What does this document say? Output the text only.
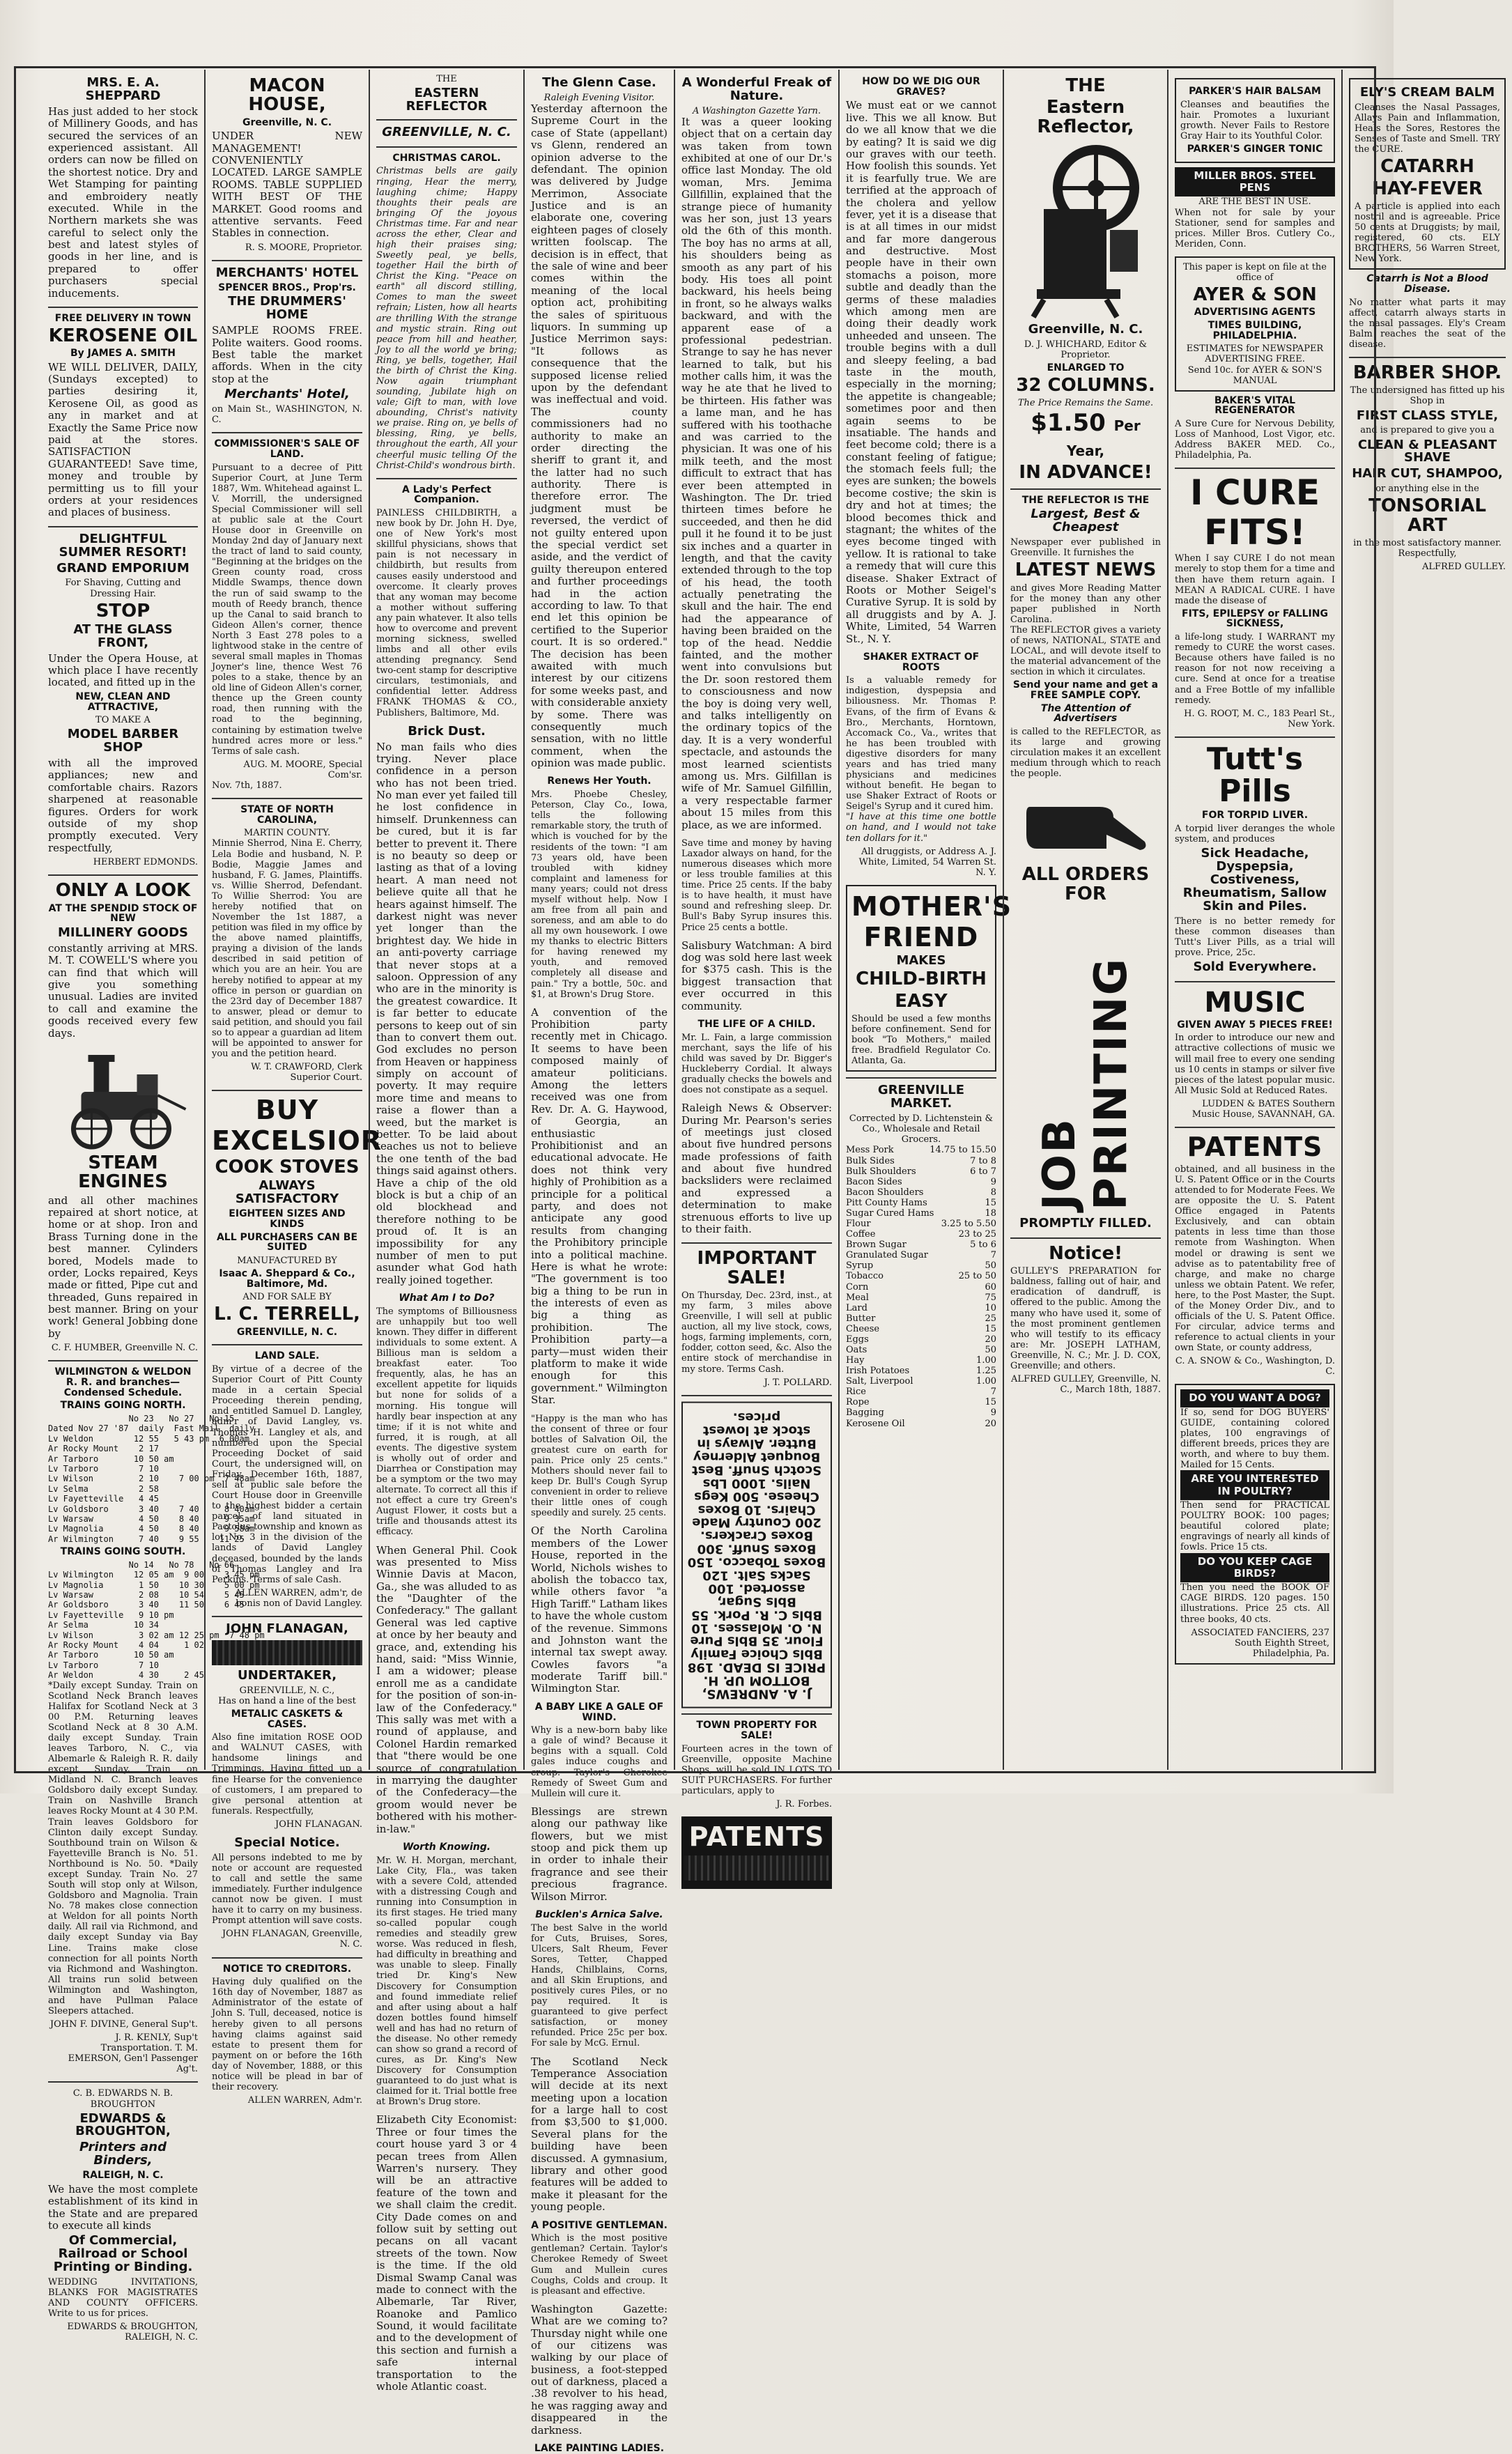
MRS. E. A. SHEPPARD
Has just added to her stock of Millinery Goods, and has secured the services of an experienced assistant. All orders can now be filled on the shortest notice. Dry and Wet Stamping for painting and embroidery neatly executed. While in the Northern markets she was careful to select only the best and latest styles of goods in her line, and is prepared to offer purchasers special inducements.
FREE DELIVERY IN TOWN
KEROSENE OIL
By JAMES A. SMITH
WE WILL DELIVER, DAILY, (Sundays excepted) to parties desiring it, Kerosene Oil, as good as any in market and at Exactly the Same Price now paid at the stores. SATISFACTION GUARANTEED! Save time, money and trouble by permitting us to fill your orders at your residences and places of business.
DELIGHTFUL SUMMER RESORT!
GRAND EMPORIUM
For Shaving, Cutting and Dressing Hair.
STOP
AT THE GLASS FRONT,
Under the Opera House, at which place I have recently located, and fitted up in the
NEW, CLEAN AND ATTRACTIVE,
TO MAKE A
MODEL BARBER SHOP
with all the improved appliances; new and comfortable chairs. Razors sharpened at reasonable figures. Orders for work outside of my shop promptly executed. Very respectfully,
HERBERT EDMONDS.
ONLY A LOOK
AT THE SPENDID STOCK OF NEW
MILLINERY GOODS
constantly arriving at MRS. M. T. COWELL'S where you can find that which will give you something unusual. Ladies are invited to call and examine the goods received every few days.
STEAM ENGINES
and all other machines repaired at short notice, at home or at shop. Iron and Brass Turning done in the best manner. Cylinders bored, Models made to order, Locks repaired, Keys made or fitted, Pipe cut and threaded, Guns repaired in best manner. Bring on your work! General Jobbing done by
C. F. HUMBER, Greenville N. C.
WILMINGTON & WELDON R. R. and branches—Condensed Schedule.
TRAINS GOING NORTH.
No 23   No 27   No 15
Dated Nov 27 '87  daily  Fast Mail  daily
Lv Weldon        12 55   5 43 pm  6 00am
Ar Rocky Mount    2 17
Ar Tarboro       10 50 am
Lv Tarboro        7 10
Lv Wilson         2 10    7 00 pm  7 48am
Lv Selma          2 58
Lv Fayetteville   4 45
Lv Goldsboro      3 40    7 40     8 40am
Lv Warsaw         4 50    8 40     9 35am
Lv Magnolia       4 50    8 40     9 58am
Ar Wilmington     7 40    9 55    11 25
TRAINS GOING SOUTH.
No 14   No 78   No 66
Lv Wilmington    12 05 am  9 00    3 45 pm
Lv Magnolia       1 50    10 30    5 00 pm
Lv Warsaw         2 08    10 54    5 45
Ar Goldsboro      3 40    11 50    6 45
Lv Fayetteville   9 10 pm
Ar Selma         10 34
Lv Wilson         3 02 am 12 25 pm  7 48 pm
Ar Rocky Mount    4 04     1 02
Ar Tarboro       10 50 am
Lv Tarboro        7 10
Ar Weldon         4 30     2 45
*Daily except Sunday. Train on Scotland Neck Branch leaves Halifax for Scotland Neck at 3 00 P.M. Returning leaves Scotland Neck at 8 30 A.M. daily except Sunday. Train leaves Tarboro, N. C., via Albemarle & Raleigh R. R. daily except Sunday. Train on Midland N. C. Branch leaves Goldsboro daily except Sunday. Train on Nashville Branch leaves Rocky Mount at 4 30 P.M. Train leaves Goldsboro for Clinton daily except Sunday. Southbound train on Wilson & Fayetteville Branch is No. 51. Northbound is No. 50. *Daily except Sunday. Train No. 27 South will stop only at Wilson, Goldsboro and Magnolia. Train No. 78 makes close connection at Weldon for all points North daily. All rail via Richmond, and daily except Sunday via Bay Line. Trains make close connection for all points North via Richmond and Washington. All trains run solid between Wilmington and Washington, and have Pullman Palace Sleepers attached.
JOHN F. DIVINE, General Sup't.
J. R. KENLY, Sup't Transportation. T. M. EMERSON, Gen'l Passenger Ag't.
C. B. EDWARDS N. B. BROUGHTON
EDWARDS & BROUGHTON,
Printers and Binders,
RALEIGH, N. C.
We have the most complete establishment of its kind in the State and are prepared to execute all kinds
Of Commercial, Railroad or School Printing or Binding.
WEDDING INVITATIONS, BLANKS FOR MAGISTRATES AND COUNTY OFFICERS. Write to us for prices.
EDWARDS & BROUGHTON, RALEIGH, N. C.
MACON HOUSE,
Greenville, N. C.
UNDER NEW MANAGEMENT! CONVENIENTLY LOCATED. LARGE SAMPLE ROOMS. TABLE SUPPLIED WITH BEST OF THE MARKET. Good rooms and attentive servants. Feed Stables in connection.
R. S. MOORE, Proprietor.
MERCHANTS' HOTEL
SPENCER BROS., Prop'rs.
THE DRUMMERS' HOME
SAMPLE ROOMS FREE. Polite waiters. Good rooms. Best table the market affords. When in the city stop at the
Merchants' Hotel,
on Main St., WASHINGTON, N. C.
COMMISSIONER'S SALE OF LAND.
Pursuant to a decree of Pitt Superior Court, at June Term 1887, Wm. Whitehead against L. V. Morrill, the undersigned Special Commissioner will sell at public sale at the Court House door in Greenville on Monday 2nd day of January next the tract of land to said county, "Beginning at the bridges on the Green county road, cross Middle Swamps, thence down the run of said swamp to the mouth of Reedy branch, thence up the Canal to said branch to Gideon Allen's corner, thence North 3 East 278 poles to a lightwood stake in the centre of several small maples in Thomas Joyner's line, thence West 76 poles to a stake, thence by an old line of Gideon Allen's corner, thence up the Green county road, then running with the road to the beginning, containing by estimation twelve hundred acres more or less." Terms of sale cash.
AUG. M. MOORE, Special Com'sr.
Nov. 7th, 1887.
STATE OF NORTH CAROLINA,
MARTIN COUNTY.
Minnie Sherrod, Nina E. Cherry, Lela Bodie and husband, N. P. Bodie, Maggie James and husband, F. G. James, Plaintiffs. vs. Willie Sherrod, Defendant. To Willie Sherrod: You are hereby notified that on November the 1st 1887, a petition was filed in my office by the above named plaintiffs, praying a division of the lands described in said petition of which you are an heir. You are hereby notified to appear at my office in person or guardian on the 23rd day of December 1887 to answer, plead or demur to said petition, and should you fail so to appear a guardian ad litem will be appointed to answer for you and the petition heard.
W. T. CRAWFORD, Clerk Superior Court.
BUY
EXCELSIOR
COOK STOVES
ALWAYS SATISFACTORY
EIGHTEEN SIZES AND KINDS
ALL PURCHASERS CAN BE SUITED
MANUFACTURED BY
Isaac A. Sheppard & Co., Baltimore, Md.
AND FOR SALE BY
L. C. TERRELL,
GREENVILLE, N. C.
LAND SALE.
By virtue of a decree of the Superior Court of Pitt County made in a certain Special Proceeding therein pending, and entitled Samuel D. Langley, adm'r of David Langley, vs. Thomas H. Langley et als, and numbered upon the Special Proceeding Docket of said Court, the undersigned will, on Friday, December 16th, 1887, sell at public sale before the Court House door in Greenville to the highest bidder a certain parcel of land situated in Pactolus township and known as lot No. 3 in the division of the lands of David Langley deceased, bounded by the lands of Thomas Langley and Ira Perkins. Terms of sale Cash.
ALLEN WARREN, adm'r, de bonis non of David Langley.
JOHN FLANAGAN,
UNDERTAKER,
GREENVILLE, N. C.,
Has on hand a line of the best
METALIC CASKETS & CASES.
Also fine imitation ROSE OOD and WALNUT CASES, with handsome linings and Trimmings. Having fitted up a fine Hearse for the convenience of customers, I am prepared to give personal attention at funerals. Respectfully,
JOHN FLANAGAN.
Special Notice.
All persons indebted to me by note or account are requested to call and settle the same immediately. Further indulgence cannot now be given. I must have it to carry on my business. Prompt attention will save costs.
JOHN FLANAGAN, Greenville, N. C.
NOTICE TO CREDITORS.
Having duly qualified on the 16th day of November, 1887 as Administrator of the estate of John S. Tull, deceased, notice is hereby given to all persons having claims against said estate to present them for payment on or before the 16th day of November, 1888, or this notice will be plead in bar of their recovery.
ALLEN WARREN, Adm'r.
THE
EASTERN REFLECTOR
GREENVILLE, N. C.
CHRISTMAS CAROL.
Christmas bells are gaily ringing, Hear the merry, laughing chime; Happy thoughts their peals are bringing Of the joyous Christmas time. Far and near across the ether, Clear and high their praises sing; Sweetly peal, ye bells, together Hail the birth of Christ the King. "Peace on earth" all discord stilling, Comes to man the sweet refrain; Listen, how all hearts are thrilling With the strange and mystic strain. Ring out peace from hill and heather, Joy to all the world ye bring; Ring, ye bells, together, Hail the birth of Christ the King. Now again triumphant sounding, Jubilate high on vale; Gift to man, with love abounding, Christ's nativity we praise. Ring on, ye bells of blessing, Ring, ye bells, throughout the earth, All your cheerful music telling Of the Christ-Child's wondrous birth.
A Lady's Perfect Companion.
PAINLESS CHILDBIRTH, a new book by Dr. John H. Dye, one of New York's most skillful physicians, shows that pain is not necessary in childbirth, but results from causes easily understood and overcome. It clearly proves that any woman may become a mother without suffering any pain whatever. It also tells how to overcome and prevent morning sickness, swelled limbs and all other evils attending pregnancy. Send two-cent stamp for descriptive circulars, testimonials, and confidential letter. Address FRANK THOMAS & CO., Publishers, Baltimore, Md.
Brick Dust.
No man fails who dies trying. Never place confidence in a person who has not been tried. No man ever yet failed till he lost confidence in himself. Drunkenness can be cured, but it is far better to prevent it. There is no beauty so deep or lasting as that of a loving heart. A man need not believe quite all that he hears against himself. The darkest night was never yet longer than the brightest day. We hide in an anti-poverty carriage that never stops at a saloon. Oppression of any who are in the minority is the greatest cowardice. It is far better to educate persons to keep out of sin than to convert them out. God excludes no person from Heaven or happiness simply on account of poverty. It may require more time and means to raise a flower than a weed, but the market is better. To be laid about teaches us not to believe the one tenth of the bad things said against others. Have a chip of the old block is but a chip of an old blockhead and therefore nothing to be proud of. It is an impossibility for any number of men to put asunder what God hath really joined together.
What Am I to Do?
The symptoms of Billiousness are unhappily but too well known. They differ in different individuals to some extent. A Billious man is seldom a breakfast eater. Too frequently, alas, he has an excellent appetite for liquids but none for solids of a morning. His tongue will hardly bear inspection at any time; if it is not white and furred, it is rough, at all events. The digestive system is wholly out of order and Diarrhea or Constipation may be a symptom or the two may alternate. To correct all this if not effect a cure try Green's August Flower, it costs but a trifle and thousands attest its efficacy.
When General Phil. Cook was presented to Miss Winnie Davis at Macon, Ga., she was alluded to as the "Daughter of the Confederacy." The gallant General was led captive at once by her beauty and grace, and, extending his hand, said: "Miss Winnie, I am a widower; please enroll me as a candidate for the position of son-in-law of the Confederacy." This sally was met with a round of applause, and Colonel Hardin remarked that "there would be one source of congratulation in marrying the daughter of the Confederacy—the groom would never be bothered with his mother-in-law."
Worth Knowing.
Mr. W. H. Morgan, merchant, Lake City, Fla., was taken with a severe Cold, attended with a distressing Cough and running into Consumption in its first stages. He tried many so-called popular cough remedies and steadily grew worse. Was reduced in flesh, had difficulty in breathing and was unable to sleep. Finally tried Dr. King's New Discovery for Consumption and found immediate relief and after using about a half dozen bottles found himself well and has had no return of the disease. No other remedy can show so grand a record of cures, as Dr. King's New Discovery for Consumption guaranteed to do just what is claimed for it. Trial bottle free at Brown's Drug store.
Elizabeth City Economist: Three or four times the court house yard 3 or 4 pecan trees from Allen Warren's nursery. They will be an attractive feature of the town and we shall claim the credit. City Dade comes on and follow suit by setting out pecans on all vacant streets of the town. Now is the time. If the old Dismal Swamp Canal was made to connect with the Albemarle, Tar River, Roanoke and Pamlico Sound, it would facilitate and to the development of this section and furnish a safe internal transportation to the whole Atlantic coast.
The Glenn Case.
Raleigh Evening Visitor.
Yesterday afternoon the Supreme Court in the case of State (appellant) vs Glenn, rendered an opinion adverse to the defendant. The opinion was delivered by Judge Merrimon, Associate Justice and is an elaborate one, covering eighteen pages of closely written foolscap. The decision is in effect, that the sale of wine and beer comes within the meaning of the local option act, prohibiting the sales of spirituous liquors. In summing up Justice Merrimon says: "It follows as consequence that the supposed license relied upon by the defendant was ineffectual and void. The county commissioners had no authority to make an order directing the sheriff to grant it, and the latter had no such authority. There is therefore error. The judgment must be reversed, the verdict of not guilty entered upon the special verdict set aside, and the verdict of guilty thereupon entered and further proceedings had in the action according to law. To that end let this opinion be certified to the Superior court. It is so ordered." The decision has been awaited with much interest by our citizens for some weeks past, and with considerable anxiety by some. There was consequently much sensation, with no little comment, when the opinion was made public.
Renews Her Youth.
Mrs. Phoebe Chesley, Peterson, Clay Co., Iowa, tells the following remarkable story, the truth of which is vouched for by the residents of the town: "I am 73 years old, have been troubled with kidney complaint and lameness for many years; could not dress myself without help. Now I am free from all pain and soreness, and am able to do all my own housework. I owe my thanks to electric Bitters for having renewed my youth, and removed completely all disease and pain." Try a bottle, 50c. and $1, at Brown's Drug Store.
A convention of the Prohibition party recently met in Chicago. It seems to have been composed mainly of amateur politicians. Among the letters received was one from Rev. Dr. A. G. Haywood, of Georgia, an enthusiastic Prohibitionist and an educational advocate. He does not think very highly of Prohibition as a principle for a political party, and does not anticipate any good results from changing the Prohibitory principle into a political machine. Here is what he wrote: "The government is too big a thing to be run in the interests of even as big a thing as prohibition. The Prohibition party—a party—must widen their platform to make it wide enough for this government." Wilmington Star.
"Happy is the man who has the consent of three or four bottles of Salvation Oil, the greatest cure on earth for pain. Price only 25 cents." Mothers should never fail to keep Dr. Bull's Cough Syrup convenient in order to relieve their little ones of cough speedily and surely. 25 cents.
Of the North Carolina members of the Lower House, reported in the World, Nichols wishes to abolish the tobacco tax, while others favor "a High Tariff." Latham likes to have the whole custom of the revenue. Simmons and Johnston want the internal tax swept away. Cowles favors "a moderate Tariff bill." Wilmington Star.
A BABY LIKE A GALE OF WIND.
Why is a new-born baby like a gale of wind? Because it begins with a squall. Cold gales induce coughs and croup. Taylor's Cherokee Remedy of Sweet Gum and Mullein will cure it.
Blessings are strewn along our pathway like flowers, but we mist stoop and pick them up in order to inhale their fragrance and see their precious fragrance. Wilson Mirror.
Bucklen's Arnica Salve.
The best Salve in the world for Cuts, Bruises, Sores, Ulcers, Salt Rheum, Fever Sores, Tetter, Chapped Hands, Chilblains, Corns, and all Skin Eruptions, and positively cures Piles, or no pay required. It is guaranteed to give perfect satisfaction, or money refunded. Price 25c per box. For sale by McG. Ernul.
The Scotland Neck Temperance Association will decide at its next meeting upon a location for a large hall to cost from $3,500 to $1,000. Several plans for the building have been discussed. A gymnasium, library and other good features will be added to make it pleasant for the young people.
A POSITIVE GENTLEMAN.
Which is the most positive gentleman? Certain. Taylor's Cherokee Remedy of Sweet Gum and Mullein cures Coughs, Colds and croup. It is pleasant and effective.
Washington Gazette: What are we coming to? Thursday night while one of our citizens was walking by our place of business, a foot-stepped out of darkness, placed a .38 revolver to his head, he was ragging away and disappeared in the darkness.
LAKE PAINTING LADIES.
A Wonderful Freak of Nature.
A Washington Gazette Yarn.
It was a queer looking object that on a certain day was taken from town exhibited at one of our Dr.'s office last Monday. The old woman, Mrs. Jemima Gillfillin, explained that the strange piece of humanity was her son, just 13 years old the 6th of this month. The boy has no arms at all, his shoulders being as smooth as any part of his body. His toes all point backward, his heels being in front, so he always walks backward, and with the apparent ease of a professional pedestrian. Strange to say he has never learned to talk, but his mother calls him, it was the way he ate that he lived to be thirteen. His father was a lame man, and he has suffered with his toothache and was carried to the physician. It was one of his milk teeth, and the most difficult to extract that has ever been attempted in Washington. The Dr. tried thirteen times before he succeeded, and then he did pull it he found it to be just six inches and a quarter in length, and that the cavity extended through to the top of his head, the tooth actually penetrating the skull and the hair. The end had the appearance of having been braided on the top of the head. Neddie fainted, and the mother went into convulsions but the Dr. soon restored them to consciousness and now the boy is doing very well, and talks intelligently on the ordinary topics of the day. It is a very wonderful spectacle, and astounds the most learned scientists among us. Mrs. Gilfillan is wife of Mr. Samuel Gilfillin, a very respectable farmer about 15 miles from this place, as we are informed.
Save time and money by having Laxador always on hand, for the numerous diseases which more or less trouble families at this time. Price 25 cents. If the baby is to have health, it must have sound and refreshing sleep. Dr. Bull's Baby Syrup insures this. Price 25 cents a bottle.
Salisbury Watchman: A bird dog was sold here last week for $375 cash. This is the biggest transaction that ever occurred in this community.
THE LIFE OF A CHILD.
Mr. L. Fain, a large commission merchant, says the life of his child was saved by Dr. Bigger's Huckleberry Cordial. It always gradually checks the bowels and does not constipate as a sequel.
Raleigh News & Observer: During Mr. Pearson's series of meetings just closed about five hundred persons made professions of faith and about five hundred backsliders were reclaimed and expressed a determination to make strenuous efforts to live up to their faith.
IMPORTANT SALE!
On Thursday, Dec. 23rd, inst., at my farm, 3 miles above Greenville, I will sell at public auction, all my live stock, cows, hogs, farming implements, corn, fodder, cotton seed, &c. Also the entire stock of merchandise in my store. Terms Cash.
J. T. POLLARD.
J. A. ANDREWS, BOTTOM UP. H. PRICE IS DEAD. 198 Bbls Choice Family Flour. 35 Bbls Pure N. O. Molasses. 10 Bbls C. R. Pork. 55 Bbls Sugar, assorted. 100 Sacks Salt. 120 Boxes Tobacco. 150 Boxes Snuff. 300 Boxes Crackers. 200 Country Made Chairs. 10 Boxes Cheese. 500 Kegs Nails. 1000 Lbs Scotch Snuff. Best Bouquet Alderney Butter. Always in stock at lowest prices.
TOWN PROPERTY FOR SALE!
Fourteen acres in the town of Greenville, opposite Machine Shops, will be sold IN LOTS TO SUIT PURCHASERS. For further particulars, apply to
J. R. Forbes.
PATENTS
HOW DO WE DIG OUR GRAVES?
We must eat or we cannot live. This we all know. But do we all know that we die by eating? It is said we dig our graves with our teeth. How foolish this sounds. Yet it is fearfully true. We are terrified at the approach of the cholera and yellow fever, yet it is a disease that is at all times in our midst and far more dangerous and destructive. Most people have in their own stomachs a poison, more subtle and deadly than the germs of these maladies which among men are doing their deadly work unheeded and unseen. The trouble begins with a dull and sleepy feeling, a bad taste in the mouth, especially in the morning; the appetite is changeable; sometimes poor and then again seems to be insatiable. The hands and feet become cold; there is a constant feeling of fatigue; the stomach feels full; the eyes are sunken; the bowels become costive; the skin is dry and hot at times; the blood becomes thick and stagnant; the whites of the eyes become tinged with yellow. It is rational to take a remedy that will cure this disease. Shaker Extract of Roots or Mother Seigel's Curative Syrup. It is sold by all druggists and by A. J. White, Limited, 54 Warren St., N. Y.
SHAKER EXTRACT OF ROOTS
Is a valuable remedy for indigestion, dyspepsia and biliousness. Mr. Thomas P. Evans, of the firm of Evans & Bro., Merchants, Horntown, Accomack Co., Va., writes that he has been troubled with digestive disorders for many years and has tried many physicians and medicines without benefit. He began to use Shaker Extract of Roots or Seigel's Syrup and it cured him.
"I have at this time one bottle on hand, and I would not take ten dollars for it."
All druggists, or Address A. J. White, Limited, 54 Warren St. N. Y.
MOTHER'S
FRIEND
MAKES
CHILD-BIRTH
EASY
Should be used a few months before confinement. Send for book "To Mothers," mailed free. Bradfield Regulator Co. Atlanta, Ga.
GREENVILLE MARKET.
Corrected by D. Lichtenstein & Co., Wholesale and Retail Grocers.
Mess Pork	14.75 to 15.50
Bulk Sides	7 to 8
Bulk Shoulders	6 to 7
Bacon Sides	9
Bacon Shoulders	8
Pitt County Hams	15
Sugar Cured Hams	18
Flour	3.25 to 5.50
Coffee	23 to 25
Brown Sugar	5 to 6
Granulated Sugar	7
Syrup	50
Tobacco	25 to 50
Corn	60
Meal	75
Lard	10
Butter	25
Cheese	15
Eggs	20
Oats	50
Hay	1.00
Irish Potatoes	1.25
Salt, Liverpool	1.00
Rice	7
Rope	15
Bagging	9
Kerosene Oil	20
THE
Eastern Reflector,
Greenville, N. C.
D. J. WHICHARD, Editor & Proprietor.
ENLARGED TO
32 COLUMNS.
The Price Remains the Same.
$1.50 Per Year,
IN ADVANCE!
THE REFLECTOR IS THE
Largest, Best & Cheapest
Newspaper ever published in Greenville. It furnishes the
LATEST NEWS
and gives More Reading Matter for the money than any other paper published in North Carolina.
The REFLECTOR gives a variety of news, NATIONAL, STATE and LOCAL, and will devote itself to the material advancement of the section in which it circulates.
Send your name and get a FREE SAMPLE COPY.
The Attention of Advertisers
is called to the REFLECTOR, as its large and growing circulation makes it an excellent medium through which to reach the people.
ALL ORDERS FOR
JOB PRINTING
PROMPTLY FILLED.
Notice!
GULLEY'S PREPARATION for baldness, falling out of hair, and eradication of dandruff, is offered to the public. Among the many who have used it, some of the most prominent gentlemen who will testify to its efficacy are: Mr. JOSEPH LATHAM, Greenville, N. C.; Mr. J. D. COX, Greenville; and others.
ALFRED GULLEY, Greenville, N. C., March 18th, 1887.
PARKER'S HAIR BALSAM
Cleanses and beautifies the hair. Promotes a luxuriant growth. Never Fails to Restore Gray Hair to its Youthful Color.
PARKER'S GINGER TONIC
MILLER BROS. STEEL PENS
ARE THE BEST IN USE.
When not for sale by your Stationer, send for samples and prices. Miller Bros. Cutlery Co., Meriden, Conn.
This paper is kept on file at the office of
AYER & SON
ADVERTISING AGENTS
TIMES BUILDING, PHILADELPHIA.
ESTIMATES for NEWSPAPER ADVERTISING FREE.
Send 10c. for AYER & SON'S MANUAL
BAKER'S VITAL REGENERATOR
A Sure Cure for Nervous Debility, Loss of Manhood, Lost Vigor, etc. Address BAKER MED. Co., Philadelphia, Pa.
I CURE
FITS!
When I say CURE I do not mean merely to stop them for a time and then have them return again. I MEAN A RADICAL CURE. I have made the disease of
FITS, EPILEPSY or FALLING SICKNESS,
a life-long study. I WARRANT my remedy to CURE the worst cases. Because others have failed is no reason for not now receiving a cure. Send at once for a treatise and a Free Bottle of my infallible remedy.
H. G. ROOT, M. C., 183 Pearl St., New York.
Tutt's Pills
FOR TORPID LIVER.
A torpid liver deranges the whole system, and produces
Sick Headache, Dyspepsia, Costiveness, Rheumatism, Sallow Skin and Piles.
There is no better remedy for these common diseases than Tutt's Liver Pills, as a trial will prove. Price, 25c.
Sold Everywhere.
MUSIC
GIVEN AWAY 5 PIECES FREE!
In order to introduce our new and attractive collections of music we will mail free to every one sending us 10 cents in stamps or silver five pieces of the latest popular music. All Music Sold at Reduced Rates.
LUDDEN & BATES Southern Music House, SAVANNAH, GA.
PATENTS
obtained, and all business in the U. S. Patent Office or in the Courts attended to for Moderate Fees. We are opposite the U. S. Patent Office engaged in Patents Exclusively, and can obtain patents in less time than those remote from Washington. When model or drawing is sent we advise as to patentability free of charge, and make no charge unless we obtain Patent. We refer, here, to the Post Master, the Supt. of the Money Order Div., and to officials of the U. S. Patent Office. For circular, advice terms and reference to actual clients in your own State, or county address,
C. A. SNOW & Co., Washington, D. C.
DO YOU WANT A DOG?
If so, send for DOG BUYERS' GUIDE, containing colored plates, 100 engravings of different breeds, prices they are worth, and where to buy them. Mailed for 15 Cents.
ARE YOU INTERESTED IN POULTRY?
Then send for PRACTICAL POULTRY BOOK: 100 pages; beautiful colored plate; engravings of nearly all kinds of fowls. Price 15 cts.
DO YOU KEEP CAGE BIRDS?
Then you need the BOOK OF CAGE BIRDS. 120 pages. 150 illustrations. Price 25 cts. All three books, 40 cts.
ASSOCIATED FANCIERS, 237 South Eighth Street, Philadelphia, Pa.
ELY'S CREAM BALM
Cleanses the Nasal Passages, Allays Pain and Inflammation, Heals the Sores, Restores the Senses of Taste and Smell. TRY the CURE.
CATARRH
HAY-FEVER
A particle is applied into each nostril and is agreeable. Price 50 cents at Druggists; by mail, registered, 60 cts. ELY BROTHERS, 56 Warren Street, New York.
Catarrh is Not a Blood Disease.
No matter what parts it may affect, catarrh always starts in the nasal passages. Ely's Cream Balm reaches the seat of the disease.
BARBER SHOP.
The undersigned has fitted up his Shop in
FIRST CLASS STYLE,
and is prepared to give you a
CLEAN & PLEASANT SHAVE
HAIR CUT, SHAMPOO,
or anything else in the
TONSORIAL ART
in the most satisfactory manner. Respectfully,
ALFRED GULLEY.
